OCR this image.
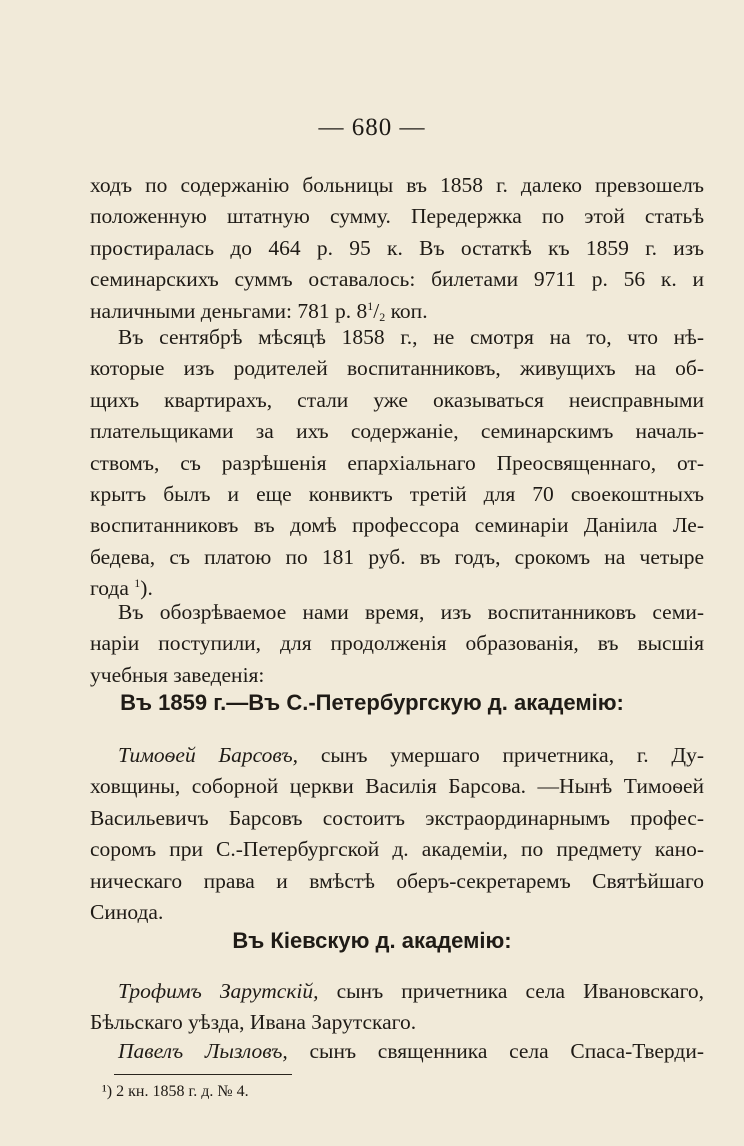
— 680 —
ходъ по содержанію больницы въ 1858 г. далеко превзошелъ
положенную штатную сумму. Передержка по этой статьѣ
простиралась до 464 р. 95 к. Въ остаткѣ къ 1859 г. изъ
семинарскихъ суммъ оставалось: билетами 9711 р. 56 к. и
наличными деньгами: 781 р. $8^1/_2$ коп.
Въ сентябрѣ мѣсяцѣ 1858 г., не смотря на то, что нѣ-
которые изъ родителей воспитанниковъ, живущихъ на об-
щихъ квартирахъ, стали уже оказываться неисправными
плательщиками за ихъ содержаніе, семинарскимъ началь-
ствомъ, съ разрѣшенія епархіальнаго Преосвященнаго, от-
крытъ былъ и еще конвиктъ третій для 70 своекоштныхъ
воспитанниковъ въ домѣ профессора семинаріи Даніила Ле-
бедева, съ платою по 181 руб. въ годъ, срокомъ на четыре
года $^1$).
Въ обозрѣваемое нами время, изъ воспитанниковъ семи-
наріи поступили, для продолженія образованія, въ высшія
учебныя заведенія:
Въ 1859 г.—Въ С.-Петербургскую д. академію:
Тимоѳей Барсовъ, сынъ умершаго причетника, г. Ду-
ховщины, соборной церкви Василія Барсова. —Нынѣ Тимоѳей
Васильевичъ Барсовъ состоитъ экстраординарнымъ профес-
соромъ при С.-Петербургской д. академіи, по предмету кано-
ническаго права и вмѣстѣ оберъ-секретаремъ Святѣйшаго
Синода.
Въ Кіевскую д. академію:
Трофимъ Зарутскій, сынъ причетника села Ивановскаго,
Бѣльскаго уѣзда, Ивана Зарутскаго.
Павелъ Лызловъ, сынъ священника села Спаса-Тверди-
¹) 2 кн. 1858 г. д. № 4.
